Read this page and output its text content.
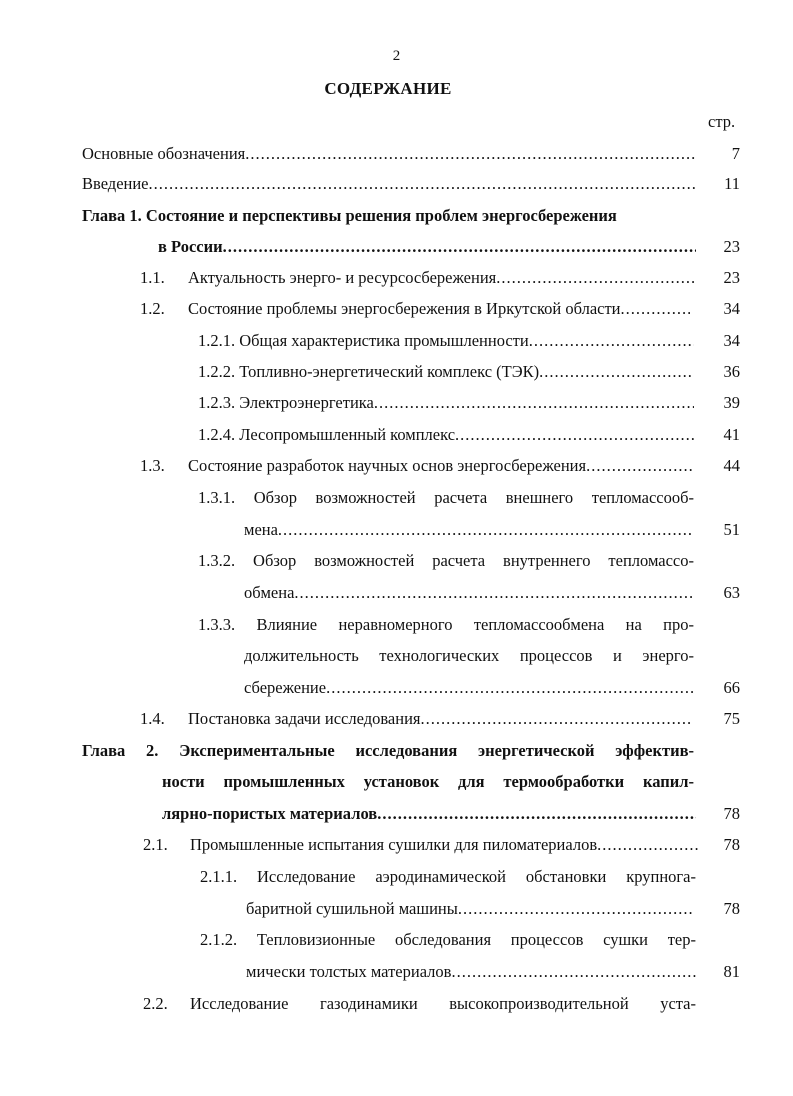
2
СОДЕРЖАНИЕ
стр.
Основные обозначения .....	7
Введение .....	11
Глава 1. Состояние и перспективы решения проблем энергосбережения
в России .....	23
1.1. Актуальность энерго- и ресурсосбережения .....	23
1.2. Состояние проблемы энергосбережения в Иркутской области .....	34
1.2.1. Общая характеристика промышленности .....	34
1.2.2. Топливно-энергетический комплекс (ТЭК) .....	36
1.2.3. Электроэнергетика .....	39
1.2.4. Лесопромышленный комплекс .....	41
1.3. Состояние разработок научных основ энергосбережения .....	44
1.3.1. Обзор возможностей расчета внешнего тепломассооб-
мена .....	51
1.3.2. Обзор возможностей расчета внутреннего тепломассо-
обмена .....	63
1.3.3. Влияние неравномерного тепломассообмена на про-
должительность технологических процессов и энерго-
сбережение .....	66
1.4. Постановка задачи исследования .....	75
Глава 2. Экспериментальные исследования энергетической эффектив-
ности промышленных установок для термообработки капил-
лярно-пористых материалов .....	78
2.1. Промышленные испытания сушилки для пиломатериалов .....	78
2.1.1. Исследование аэродинамической обстановки крупнога-
баритной сушильной машины .....	78
2.1.2. Тепловизионные обследования процессов сушки тер-
мически толстых материалов .....	81
2.2. Исследование газодинамики высокопроизводительной уста-
